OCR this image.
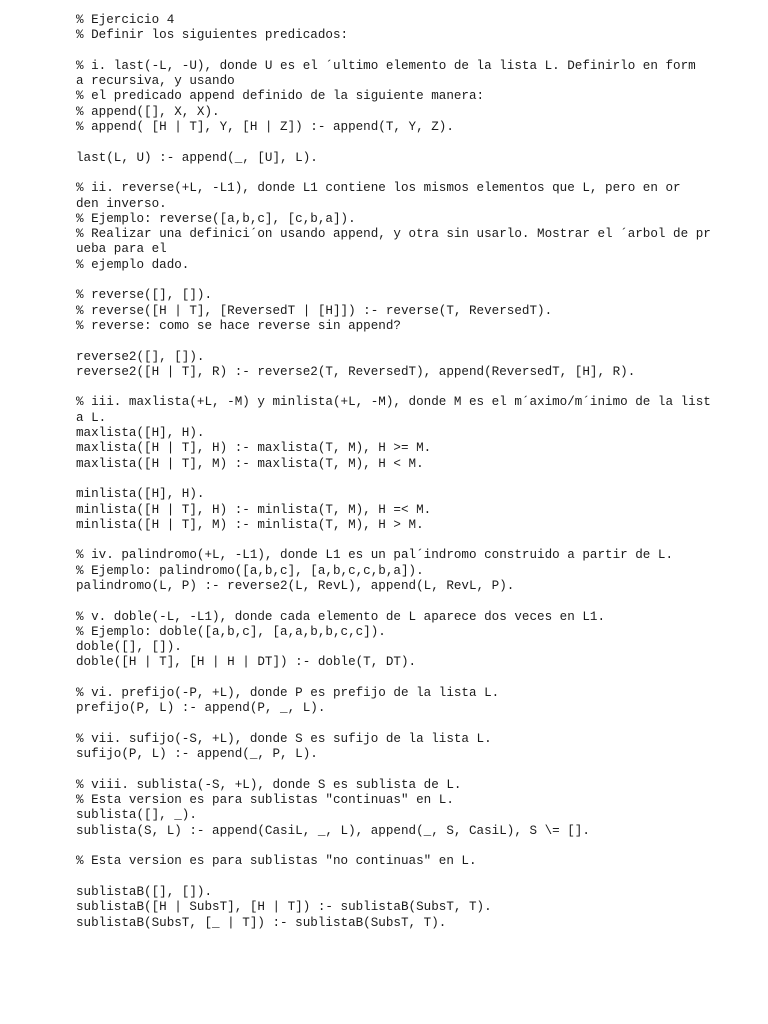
% Ejercicio 4
% Definir los siguientes predicados:
% i. last(-L, -U), donde U es el ´ultimo elemento de la lista L. Definirlo en form
a recursiva, y usando
% el predicado append definido de la siguiente manera:
% append([], X, X).
% append( [H | T], Y, [H | Z]) :- append(T, Y, Z).
last(L, U) :- append(_, [U], L).
% ii. reverse(+L, -L1), donde L1 contiene los mismos elementos que L, pero en or
den inverso.
% Ejemplo: reverse([a,b,c], [c,b,a]).
% Realizar una definici´on usando append, y otra sin usarlo. Mostrar el ´arbol de pr
ueba para el
% ejemplo dado.
% reverse([], []).
% reverse([H | T], [ReversedT | [H]]) :- reverse(T, ReversedT).
% reverse: como se hace reverse sin append?
reverse2([], []).
reverse2([H | T], R) :- reverse2(T, ReversedT), append(ReversedT, [H], R).
% iii. maxlista(+L, -M) y minlista(+L, -M), donde M es el m´aximo/m´inimo de la list
a L.
maxlista([H], H).
maxlista([H | T], H) :- maxlista(T, M), H >= M.
maxlista([H | T], M) :- maxlista(T, M), H < M.
minlista([H], H).
minlista([H | T], H) :- minlista(T, M), H =< M.
minlista([H | T], M) :- minlista(T, M), H > M.
% iv. palindromo(+L, -L1), donde L1 es un pal´indromo construido a partir de L.
% Ejemplo: palindromo([a,b,c], [a,b,c,c,b,a]).
palindromo(L, P) :- reverse2(L, RevL), append(L, RevL, P).
% v. doble(-L, -L1), donde cada elemento de L aparece dos veces en L1.
% Ejemplo: doble([a,b,c], [a,a,b,b,c,c]).
doble([], []).
doble([H | T], [H | H | DT]) :- doble(T, DT).
% vi. prefijo(-P, +L), donde P es prefijo de la lista L.
prefijo(P, L) :- append(P, _, L).
% vii. sufijo(-S, +L), donde S es sufijo de la lista L.
sufijo(P, L) :- append(_, P, L).
% viii. sublista(-S, +L), donde S es sublista de L.
% Esta version es para sublistas "continuas" en L.
sublista([], _).
sublista(S, L) :- append(CasiL, _, L), append(_, S, CasiL), S \= [].
% Esta version es para sublistas "no continuas" en L.
sublistaB([], []).
sublistaB([H | SubsT], [H | T]) :- sublistaB(SubsT, T).
sublistaB(SubsT, [_ | T]) :- sublistaB(SubsT, T).
